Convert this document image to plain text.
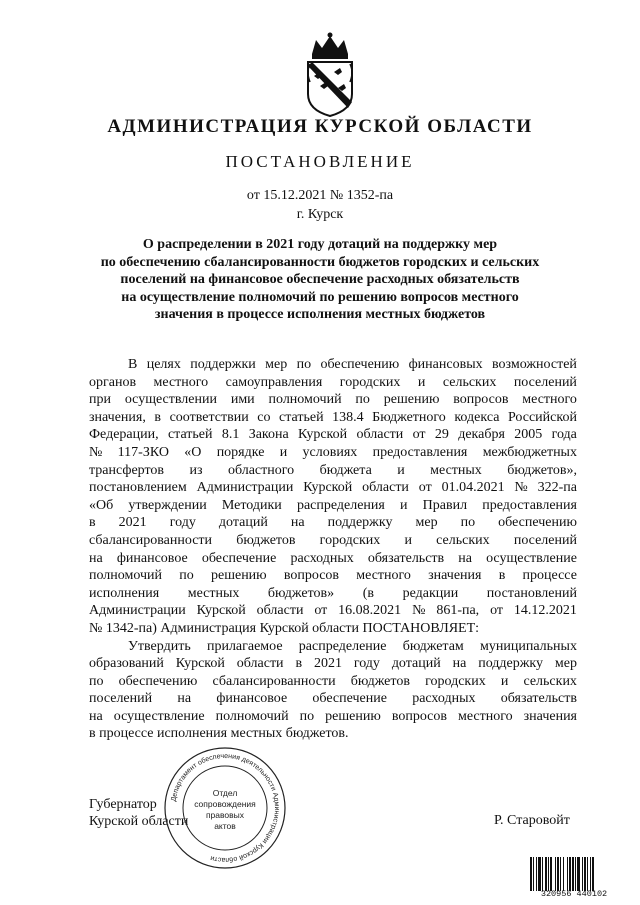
АДМИНИСТРАЦИЯ КУРСКОЙ ОБЛАСТИ
ПОСТАНОВЛЕНИЕ
от 15.12.2021 № 1352-па
г. Курск
О распределении в 2021 году дотаций на поддержку мер
по обеспечению сбалансированности бюджетов городских и сельских
поселений на финансовое обеспечение расходных обязательств
на осуществление полномочий по решению вопросов местного
значения в процессе исполнения местных бюджетов
В целях поддержки мер по обеспечению финансовых возможностей
органов местного самоуправления городских и сельских поселений
при осуществлении ими полномочий по решению вопросов местного
значения, в соответствии со статьей 138.4 Бюджетного кодекса Российской
Федерации, статьей 8.1 Закона Курской области от 29 декабря 2005 года
№ 117-ЗКО «О порядке и условиях предоставления межбюджетных
трансфертов из областного бюджета и местных бюджетов»,
постановлением Администрации Курской области от 01.04.2021 № 322-па
«Об утверждении Методики распределения и Правил предоставления
в 2021 году дотаций на поддержку мер по обеспечению
сбалансированности бюджетов городских и сельских поселений
на финансовое обеспечение расходных обязательств на осуществление
полномочий по решению вопросов местного значения в процессе
исполнения местных бюджетов» (в редакции постановлений
Администрации Курской области от 16.08.2021 № 861-па, от 14.12.2021
№ 1342-па) Администрация Курской области ПОСТАНОВЛЯЕТ:
Утвердить прилагаемое распределение бюджетам муниципальных
образований Курской области в 2021 году дотаций на поддержку мер
по обеспечению сбалансированности бюджетов городских и сельских
поселений на финансовое обеспечение расходных обязательств
на осуществление полномочий по решению вопросов местного значения
в процессе исполнения местных бюджетов.
Губернатор
Курской области	Р. Старовойт
Департамент обеспечения деятельности Администрации Курской области
Отдел
сопровождения
правовых
актов
320956 440102
